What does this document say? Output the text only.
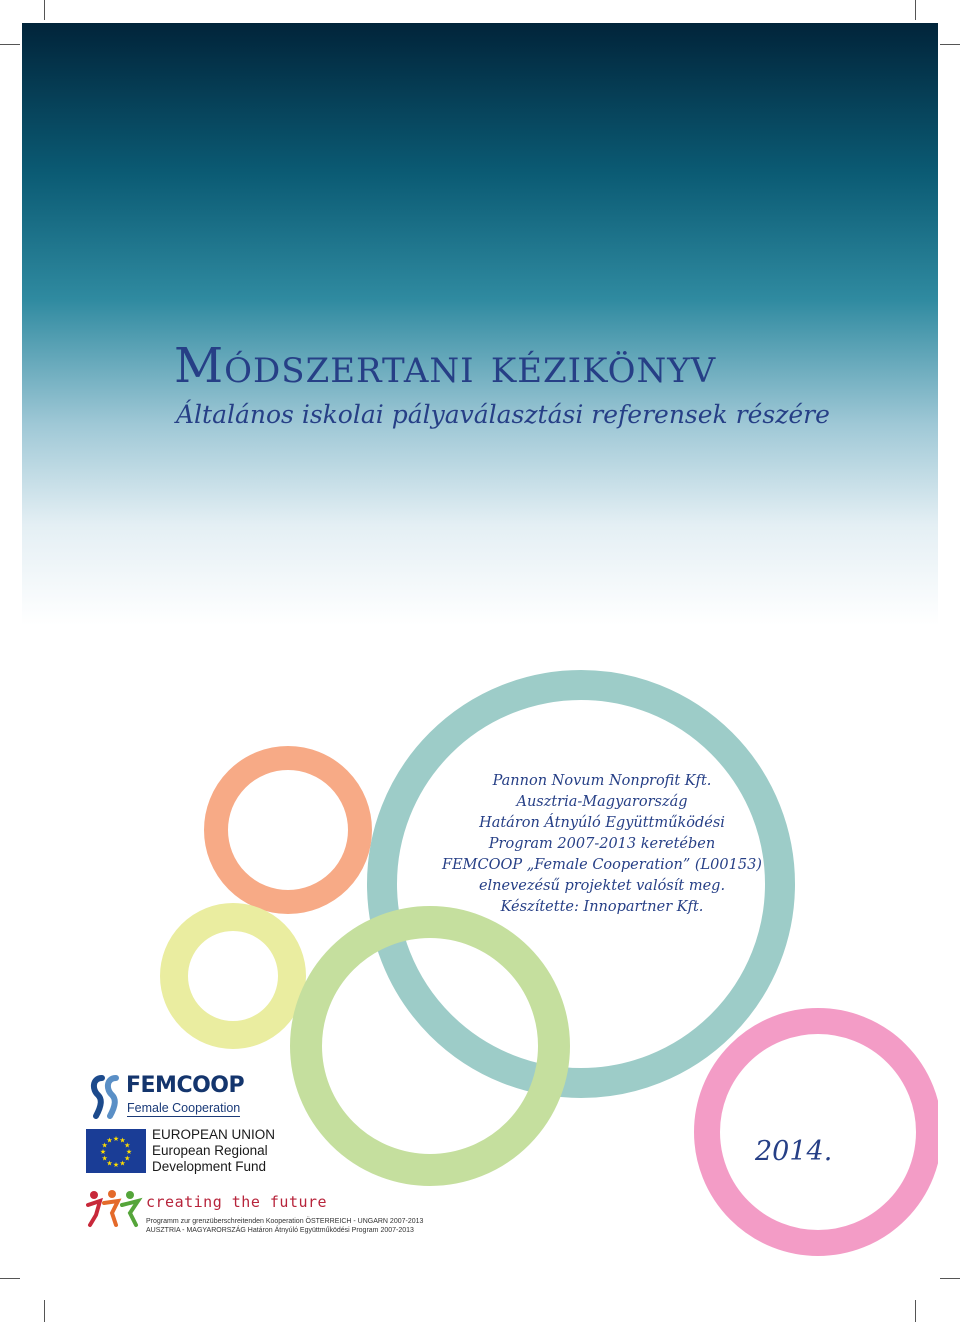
Módszertani kézikönyv
Általános iskolai pályaválasztási referensek részére
Pannon Novum Nonprofit Kft.
Ausztria-Magyarország
Határon Átnyúló Együttműködési
Program 2007-2013 keretében
FEMCOOP „Female Cooperation” (L00153)
elnevezésű projektet valósít meg.
Készítette: Innopartner Kft.
2014.
FEMCOOP
Female Cooperation
★
★
★
★
★
★
★
★
★ ★ ★
★
EUROPEAN UNION
European Regional
Development Fund
creating the future
Programm zur grenzüberschreitenden Kooperation ÖSTERREICH - UNGARN 2007-2013
AUSZTRIA - MAGYARORSZÁG Határon Átnyúló Együttműködési Program 2007-2013
